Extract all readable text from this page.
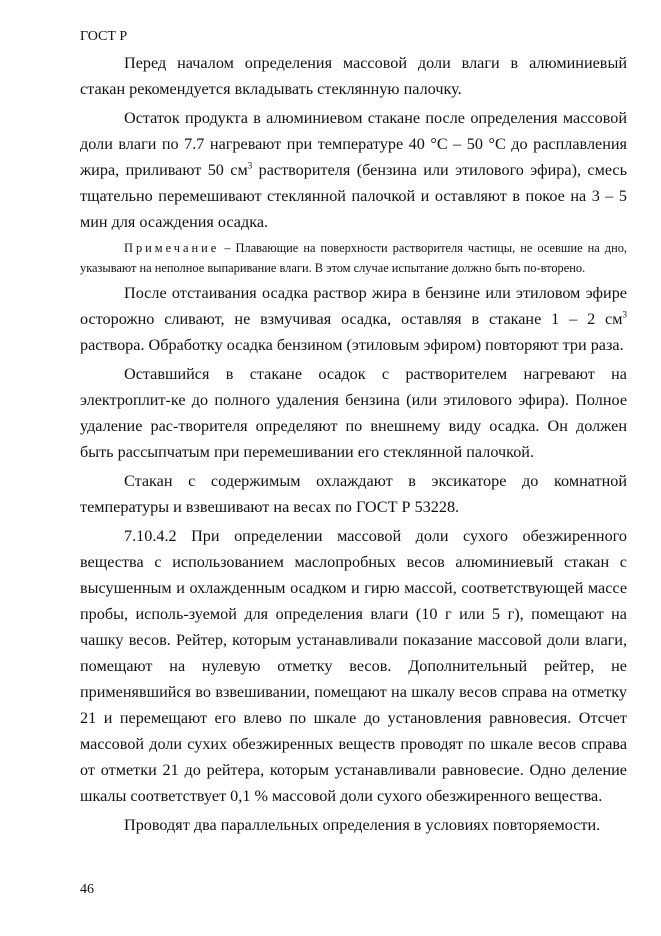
ГОСТ Р

Перед началом определения массовой доли влаги в алюминиевый стакан рекомендуется вкладывать стеклянную палочку.

Остаток продукта в алюминиевом стакане после определения массовой доли влаги по 7.7 нагревают при температуре 40 °С – 50 °С до расплавления жира, приливают 50 $см^3$ растворителя (бензина или этилового эфира), смесь тщательно перемешивают стеклянной палочкой и оставляют в покое на 3 – 5 мин для осаждения осадка.

Примечание – Плавающие на поверхности растворителя частицы, не осевшие на дно, указывают на неполное выпаривание влаги. В этом случае испытание должно быть по-вторено.

После отстаивания осадка раствор жира в бензине или этиловом эфире осторожно сливают, не взмучивая осадка, оставляя в стакане 1 – 2 $см^3$ раствора. Обработку осадка бензином (этиловым эфиром) повторяют три раза.

Оставшийся в стакане осадок с растворителем нагревают на электроплит-ке до полного удаления бензина (или этилового эфира). Полное удаление рас-творителя определяют по внешнему виду осадка. Он должен быть рассыпчатым при перемешивании его стеклянной палочкой.

Стакан с содержимым охлаждают в эксикаторе до комнатной температуры и взвешивают на весах по ГОСТ Р 53228.

7.10.4.2 При определении массовой доли сухого обезжиренного вещества с использованием маслопробных весов алюминиевый стакан с высушенным и охлажденным осадком и гирю массой, соответствующей массе пробы, исполь-зуемой для определения влаги (10 г или 5 г), помещают на чашку весов. Рейтер, которым устанавливали показание массовой доли влаги, помещают на нулевую отметку весов. Дополнительный рейтер, не применявшийся во взвешивании, помещают на шкалу весов справа на отметку 21 и перемещают его влево по шкале до установления равновесия. Отсчет массовой доли сухих обезжиренных веществ проводят по шкале весов справа от отметки 21 до рейтера, которым устанавливали равновесие. Одно деление шкалы соответствует 0,1 % массовой доли сухого обезжиренного вещества.

Проводят два параллельных определения в условиях повторяемости.

46
